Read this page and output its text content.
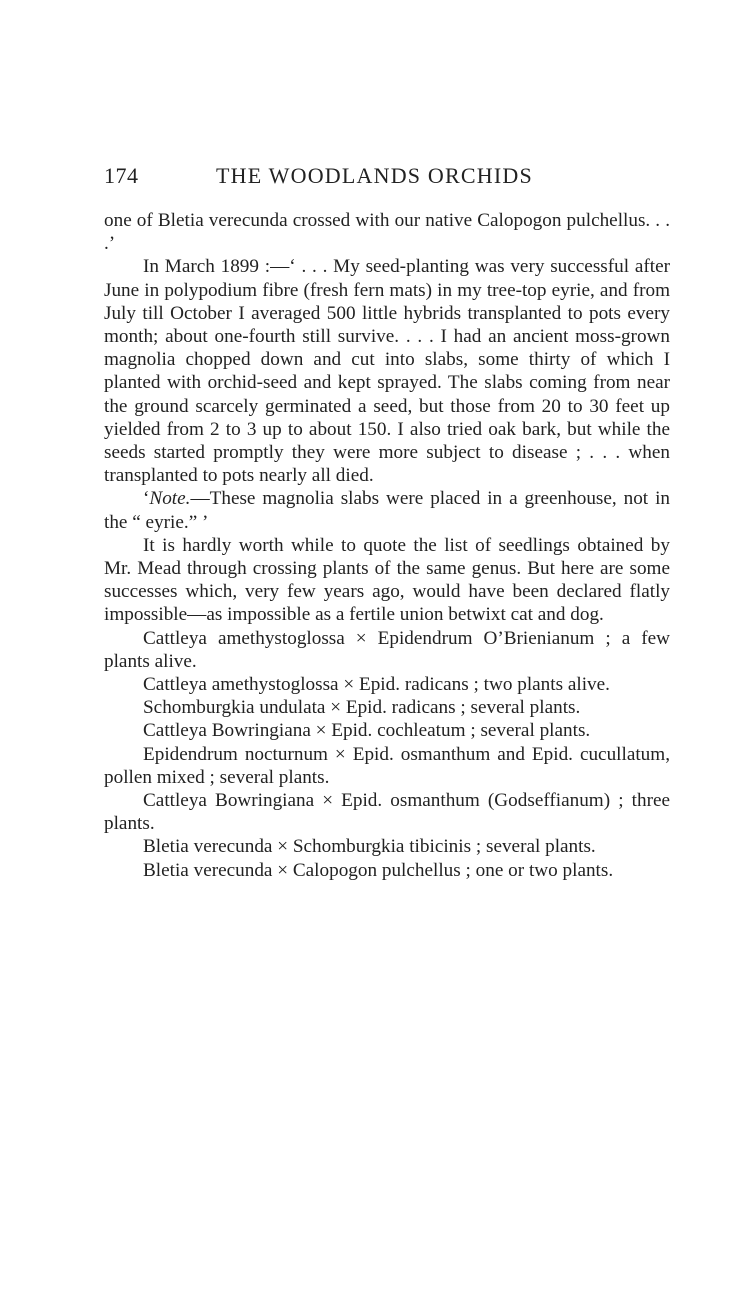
174	THE WOODLANDS ORCHIDS

one of Bletia verecunda crossed with our native Calopogon pulchellus. . . .’

In March 1899 :—‘ . . . My seed-planting was very successful after June in polypodium fibre (fresh fern mats) in my tree-top eyrie, and from July till October I averaged 500 little hybrids transplanted to pots every month; about one-fourth still survive. . . . I had an ancient moss-grown magnolia chopped down and cut into slabs, some thirty of which I planted with orchid-seed and kept sprayed. The slabs coming from near the ground scarcely germinated a seed, but those from 20 to 30 feet up yielded from 2 to 3 up to about 150. I also tried oak bark, but while the seeds started promptly they were more subject to disease ; . . . when transplanted to pots nearly all died.

‘Note.—These magnolia slabs were placed in a greenhouse, not in the “ eyrie.” ’

It is hardly worth while to quote the list of seedlings obtained by Mr. Mead through crossing plants of the same genus. But here are some successes which, very few years ago, would have been declared flatly impossible—as impossible as a fertile union betwixt cat and dog.

Cattleya amethystoglossa × Epidendrum O’Brienianum ; a few plants alive.

Cattleya amethystoglossa × Epid. radicans ; two plants alive.

Schomburgkia undulata × Epid. radicans ; several plants.

Cattleya Bowringiana × Epid. cochleatum ; several plants.

Epidendrum nocturnum × Epid. osmanthum and Epid. cucullatum, pollen mixed ; several plants.

Cattleya Bowringiana × Epid. osmanthum (Godseffianum) ; three plants.

Bletia verecunda × Schomburgkia tibicinis ; several plants.

Bletia verecunda × Calopogon pulchellus ; one or two plants.
